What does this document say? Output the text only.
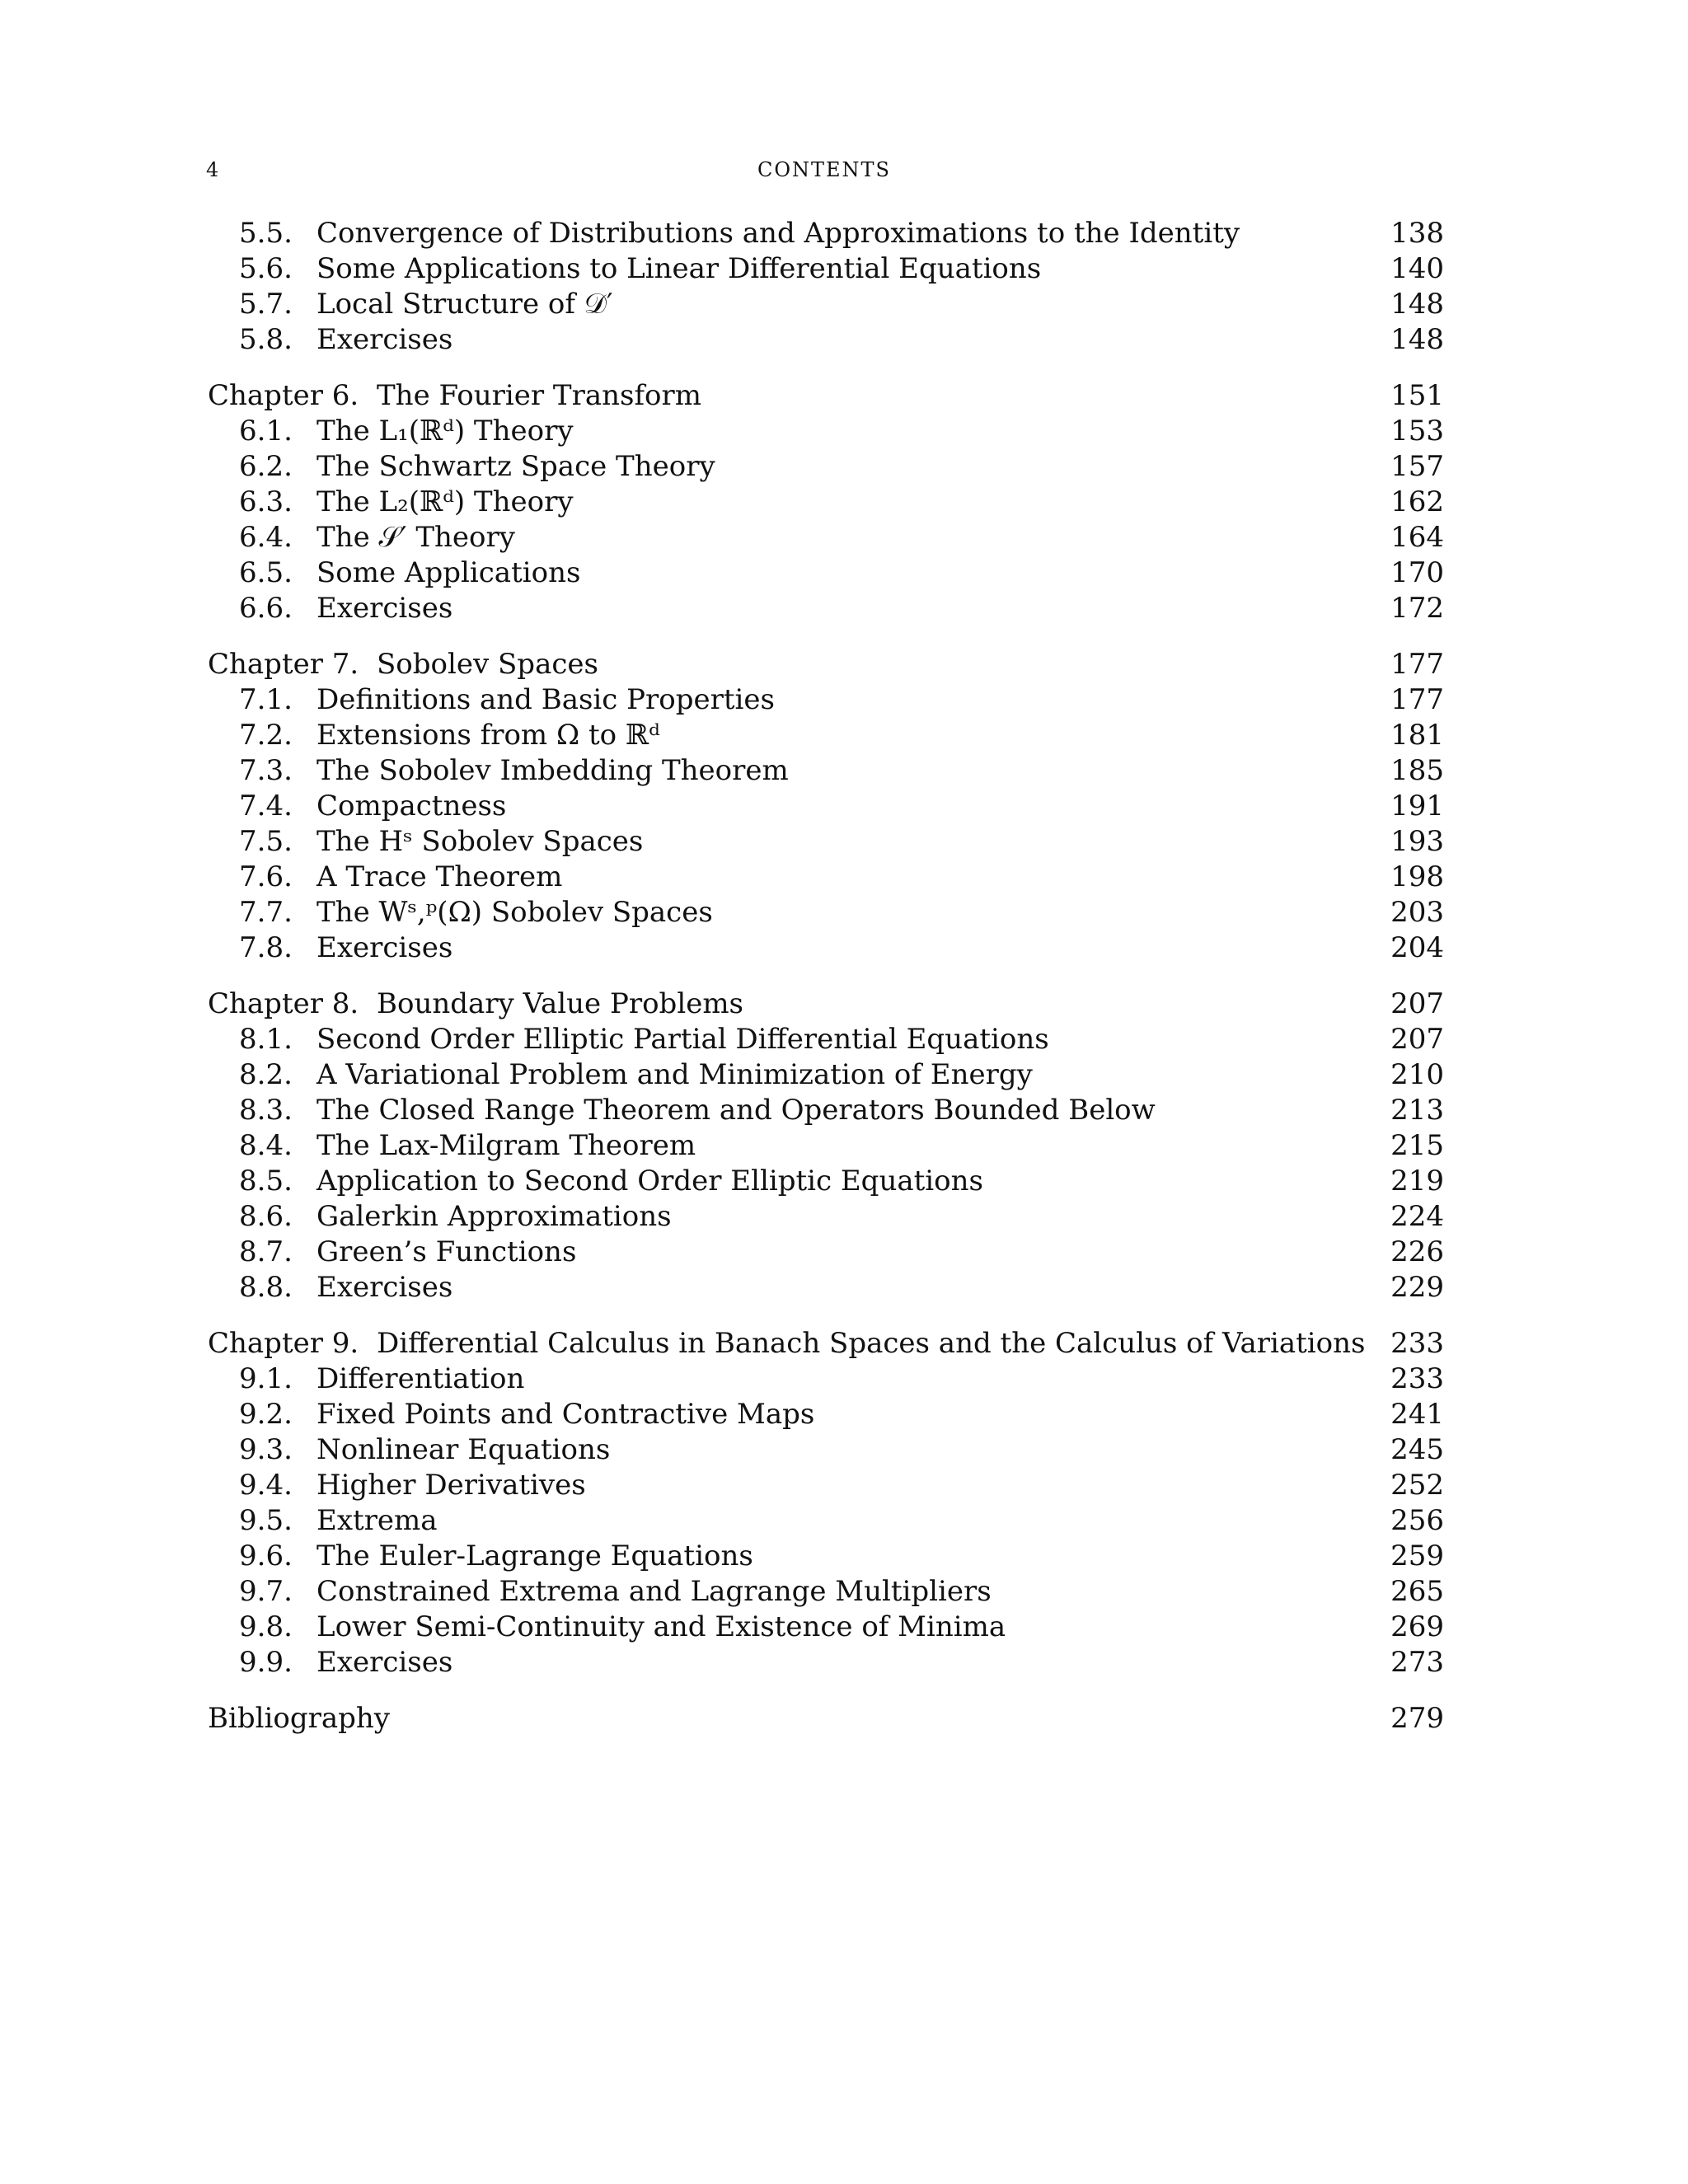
4	CONTENTS
5.5. Convergence of Distributions and Approximations to the Identity	138
5.6. Some Applications to Linear Differential Equations	140
5.7. Local Structure of 𝒟′	148
5.8. Exercises	148
Chapter 6. The Fourier Transform	151
6.1. The L₁(ℝᵈ) Theory	153
6.2. The Schwartz Space Theory	157
6.3. The L₂(ℝᵈ) Theory	162
6.4. The 𝒮′ Theory	164
6.5. Some Applications	170
6.6. Exercises	172
Chapter 7. Sobolev Spaces	177
7.1. Definitions and Basic Properties	177
7.2. Extensions from Ω to ℝᵈ	181
7.3. The Sobolev Imbedding Theorem	185
7.4. Compactness	191
7.5. The Hˢ Sobolev Spaces	193
7.6. A Trace Theorem	198
7.7. The Wˢ,ᵖ(Ω) Sobolev Spaces	203
7.8. Exercises	204
Chapter 8. Boundary Value Problems	207
8.1. Second Order Elliptic Partial Differential Equations	207
8.2. A Variational Problem and Minimization of Energy	210
8.3. The Closed Range Theorem and Operators Bounded Below	213
8.4. The Lax-Milgram Theorem	215
8.5. Application to Second Order Elliptic Equations	219
8.6. Galerkin Approximations	224
8.7. Green’s Functions	226
8.8. Exercises	229
Chapter 9. Differential Calculus in Banach Spaces and the Calculus of Variations 233
9.1. Differentiation	233
9.2. Fixed Points and Contractive Maps	241
9.3. Nonlinear Equations	245
9.4. Higher Derivatives	252
9.5. Extrema	256
9.6. The Euler-Lagrange Equations	259
9.7. Constrained Extrema and Lagrange Multipliers	265
9.8. Lower Semi-Continuity and Existence of Minima	269
9.9. Exercises	273
Bibliography	279
